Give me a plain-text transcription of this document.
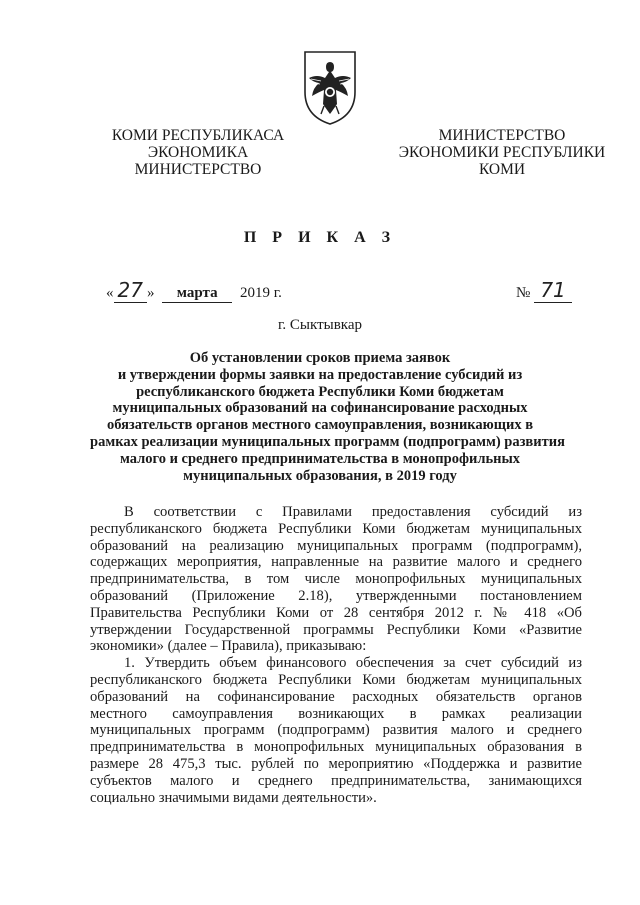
КОМИ РЕСПУБЛИКАСА
ЭКОНОМИКА
МИНИСТЕРСТВО
МИНИСТЕРСТВО
ЭКОНОМИКИ РЕСПУБЛИКИ
КОМИ
П Р И К А З
« 27 » марта 2019 г.	№ 71
г. Сыктывкар
Об установлении сроков приема заявок
и утверждении формы заявки на предоставление субсидий из
республиканского бюджета Республики Коми бюджетам
муниципальных образований на софинансирование расходных
обязательств органов местного самоуправления, возникающих в
рамках реализации муниципальных программ (подпрограмм) развития
малого и среднего предпринимательства в монопрофильных
муниципальных образования, в 2019 году
В соответствии с Правилами предоставления субсидий из
республиканского бюджета Республики Коми бюджетам муниципальных
образований на реализацию муниципальных программ (подпрограмм),
содержащих мероприятия, направленные на развитие малого и среднего
предпринимательства, в том числе монопрофильных муниципальных
образований (Приложение 2.18), утвержденными постановлением
Правительства Республики Коми от 28 сентября 2012 г. № 418 «Об
утверждении Государственной программы Республики Коми «Развитие
экономики» (далее – Правила), приказываю:
1. Утвердить объем финансового обеспечения за счет субсидий из
республиканского бюджета Республики Коми бюджетам муниципальных
образований на софинансирование расходных обязательств органов
местного самоуправления возникающих в рамках реализации
муниципальных программ (подпрограмм) развития малого и среднего
предпринимательства в монопрофильных муниципальных образования в
размере 28 475,3 тыс. рублей по мероприятию «Поддержка и развитие
субъектов малого и среднего предпринимательства, занимающихся
социально значимыми видами деятельности».
